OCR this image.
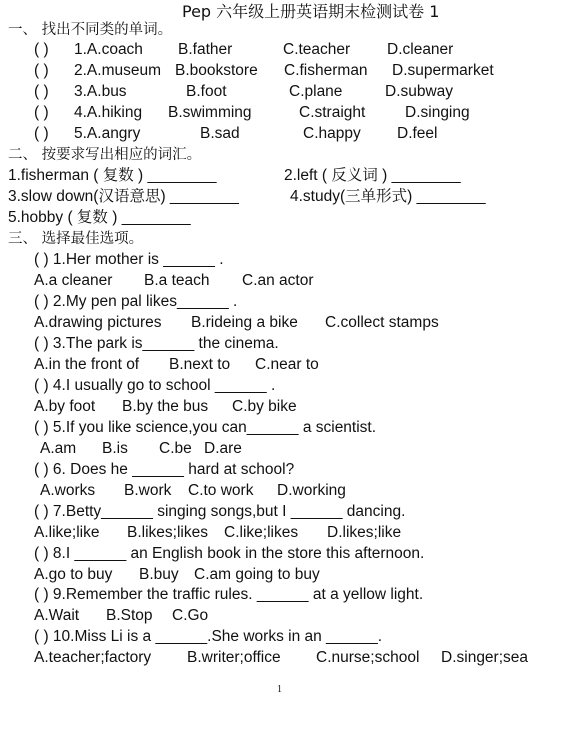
Pep 六年级上册英语期末检测试卷 1
一、 找出不同类的单词。
( ) 1.A.coach B.father	C.teacher D.cleaner
( ) 2.A.museum B.bookstore C.fisherman D.supermarket
( ) 3.A.bus	B.foot	C.plane	D.subway
( ) 4.A.hiking B.swimming	C.straight	D.singing
( ) 5.A.angry	B.sad	C.happy D.feel
二、 按要求写出相应的词汇。
1.fisherman ( 复数 ) ________	2.left ( 反义词 ) ________
3.slow down(汉语意思) ________	4.study(三单形式) ________
5.hobby ( 复数 ) ________
三、 选择最佳选项。
( ) 1.Her mother is ______ .
A.a cleaner B.a teach C.an actor
( ) 2.My pen pal likes______ .
A.drawing pictures B.rideing a bike C.collect stamps
( ) 3.The park is______ the cinema.
A.in the front of B.next to C.near to
( ) 4.I usually go to school ______ .
A.by foot B.by the bus C.by bike
( ) 5.If you like science,you can______ a scientist.
A.am B.is C.be D.are
( ) 6. Does he ______ hard at school?
A.works B.work C.to work D.working
( ) 7.Betty______ singing songs,but I ______ dancing.
A.like;like B.likes;likes C.like;likes D.likes;like
( ) 8.I ______ an English book in the store this afternoon.
A.go to buy B.buy C.am going to buy
( ) 9.Remember the traffic rules. ______ at a yellow light.
A.Wait B.Stop C.Go
( ) 10.Miss Li is a ______.She works in an ______.
A.teacher;factory B.writer;office C.nurse;school D.singer;sea
1
